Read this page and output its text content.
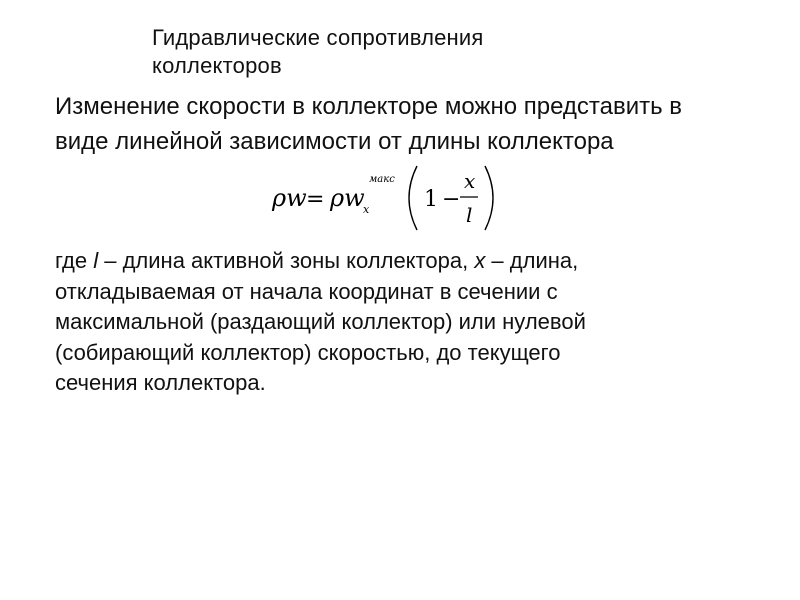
Гидравлические сопротивления
коллекторов
Изменение скорости в коллекторе можно представить в
виде линейной зависимости от длины коллектора
ρw = ρw
x
макс
1 −
x
l
где l – длина активной зоны коллектора, x – длина,
откладываемая от начала координат в сечении с
максимальной (раздающий коллектор) или нулевой
(собирающий коллектор) скоростью, до текущего
сечения коллектора.
